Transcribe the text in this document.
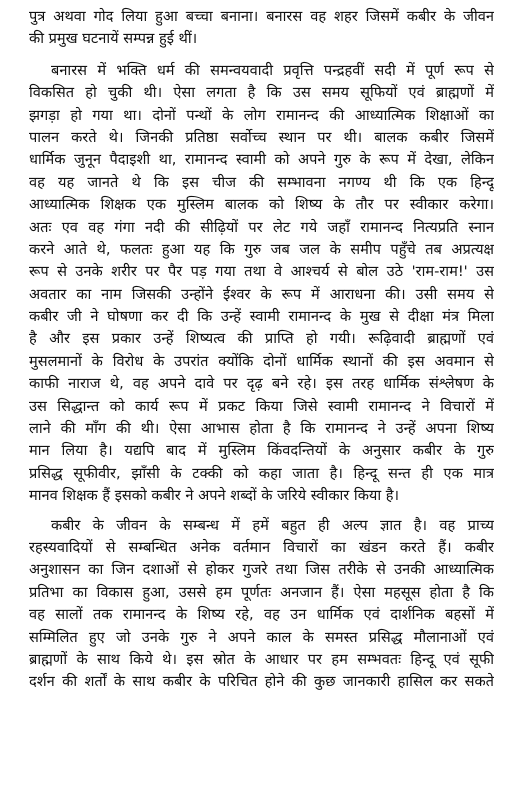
पुत्र अथवा गोद लिया हुआ बच्चा बनाना। बनारस वह शहर जिसमें कबीर के जीवन
की प्रमुख घटनायें सम्पन्न हुई थीं।
बनारस में भक्ति धर्म की समन्वयवादी प्रवृत्ति पन्द्रहवीं सदी में पूर्ण रूप से
विकसित हो चुकी थी। ऐसा लगता है कि उस समय सूफियों एवं ब्राह्मणों में
झगड़ा हो गया था। दोनों पन्थों के लोग रामानन्द की आध्यात्मिक शिक्षाओं का
पालन करते थे। जिनकी प्रतिष्ठा सर्वोच्च स्थान पर थी। बालक कबीर जिसमें
धार्मिक जुनून पैदाइशी था, रामानन्द स्वामी को अपने गुरु के रूप में देखा, लेकिन
वह यह जानते थे कि इस चीज की सम्भावना नगण्य थी कि एक हिन्दू
आध्यात्मिक शिक्षक एक मुस्लिम बालक को शिष्य के तौर पर स्वीकार करेगा।
अतः एव वह गंगा नदी की सीढ़ियों पर लेट गये जहाँ रामानन्द नित्यप्रति स्नान
करने आते थे, फलतः हुआ यह कि गुरु जब जल के समीप पहुँचे तब अप्रत्यक्ष
रूप से उनके शरीर पर पैर पड़ गया तथा वे आश्चर्य से बोल उठे 'राम-राम!' उस
अवतार का नाम जिसकी उन्होंने ईश्वर के रूप में आराधना की। उसी समय से
कबीर जी ने घोषणा कर दी कि उन्हें स्वामी रामानन्द के मुख से दीक्षा मंत्र मिला
है और इस प्रकार उन्हें शिष्यत्व की प्राप्ति हो गयी। रूढ़िवादी ब्राह्मणों एवं
मुसलमानों के विरोध के उपरांत क्योंकि दोनों धार्मिक स्थानों की इस अवमान से
काफी नाराज थे, वह अपने दावे पर दृढ़ बने रहे। इस तरह धार्मिक संश्लेषण के
उस सिद्धान्त को कार्य रूप में प्रकट किया जिसे स्वामी रामानन्द ने विचारों में
लाने की माँग की थी। ऐसा आभास होता है कि रामानन्द ने उन्हें अपना शिष्य
मान लिया है। यद्यपि बाद में मुस्लिम किंवदन्तियों के अनुसार कबीर के गुरु
प्रसिद्ध सूफीवीर, झाँसी के टक्की को कहा जाता है। हिन्दू सन्त ही एक मात्र
मानव शिक्षक हैं इसको कबीर ने अपने शब्दों के जरिये स्वीकार किया है।
कबीर के जीवन के सम्बन्ध में हमें बहुत ही अल्प ज्ञात है। वह प्राच्य
रहस्यवादियों से सम्बन्धित अनेक वर्तमान विचारों का खंडन करते हैं। कबीर
अनुशासन का जिन दशाओं से होकर गुजरे तथा जिस तरीके से उनकी आध्यात्मिक
प्रतिभा का विकास हुआ, उससे हम पूर्णतः अनजान हैं। ऐसा महसूस होता है कि
वह सालों तक रामानन्द के शिष्य रहे, वह उन धार्मिक एवं दार्शनिक बहसों में
सम्मिलित हुए जो उनके गुरु ने अपने काल के समस्त प्रसिद्ध मौलानाओं एवं
ब्राह्मणों के साथ किये थे। इस स्रोत के आधार पर हम सम्भवतः हिन्दू एवं सूफी
दर्शन की शर्तों के साथ कबीर के परिचित होने की कुछ जानकारी हासिल कर सकते
